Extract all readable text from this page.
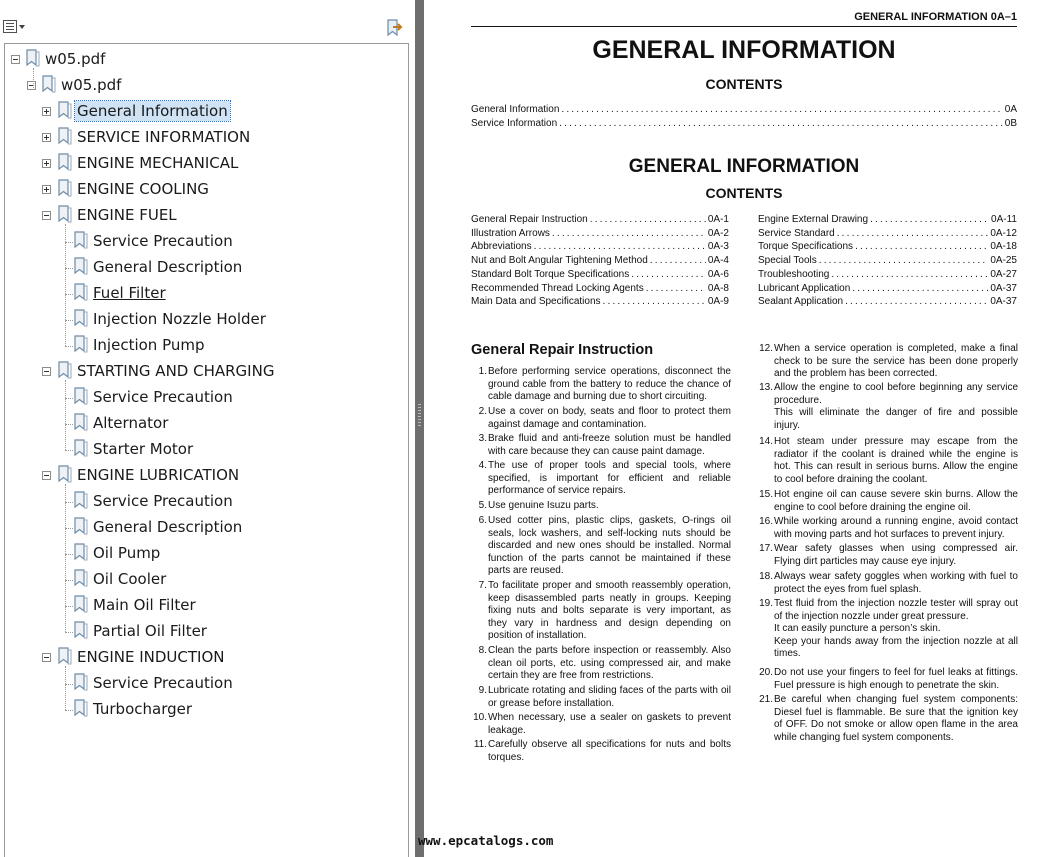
w05.pdf
w05.pdf
General Information
SERVICE INFORMATION
ENGINE MECHANICAL
ENGINE COOLING
ENGINE FUEL
Service Precaution
General Description
Fuel Filter
Injection Nozzle Holder
Injection Pump
STARTING AND CHARGING
Service Precaution
Alternator
Starter Motor
ENGINE LUBRICATION
Service Precaution
General Description
Oil Pump
Oil Cooler
Main Oil Filter
Partial Oil Filter
ENGINE INDUCTION
Service Precaution
Turbocharger
GENERAL INFORMATION 0A–1
GENERAL INFORMATION
CONTENTS
General Information . . .	0A
Service Information . . .	0B
GENERAL INFORMATION
CONTENTS
General Repair Instruction . . .	0A-1
Illustration Arrows . . .	0A-2
Abbreviations . . .	0A-3
Nut and Bolt Angular Tightening Method . . .	0A-4
Standard Bolt Torque Specifications . . .	0A-6
Recommended Thread Locking Agents . . .	0A-8
Main Data and Specifications . . .	0A-9
Engine External Drawing . . .	0A-11
Service Standard . . .	0A-12
Torque Specifications . . .	0A-18
Special Tools . . .	0A-25
Troubleshooting . . .	0A-27
Lubricant Application . . .	0A-37
Sealant Application . . .	0A-37
General Repair Instruction
1. Before performing service operations, disconnect the ground cable from the battery to reduce the chance of cable damage and burning due to short circuiting.

2. Use a cover on body, seats and floor to protect them against damage and contamination.

3. Brake fluid and anti-freeze solution must be handled with care because they can cause paint damage.

4. The use of proper tools and special tools, where specified, is important for efficient and reliable performance of service repairs.

5. Use genuine Isuzu parts.

6. Used cotter pins, plastic clips, gaskets, O-rings oil seals, lock washers, and self-locking nuts should be discarded and new ones should be installed. Normal function of the parts cannot be maintained if these parts are reused.

7. To facilitate proper and smooth reassembly operation, keep disassembled parts neatly in groups. Keeping fixing nuts and bolts separate is very important, as they vary in hardness and design depending on position of installation.

8. Clean the parts before inspection or reassembly. Also clean oil ports, etc. using compressed air, and make certain they are free from restrictions.

9. Lubricate rotating and sliding faces of the parts with oil or grease before installation.

10. When necessary, use a sealer on gaskets to prevent leakage.

11. Carefully observe all specifications for nuts and bolts torques.

12. When a service operation is completed, make a final check to be sure the service has been done properly and the problem has been corrected.

13. Allow the engine to cool before beginning any service procedure.

This will eliminate the danger of fire and possible injury.

14. Hot steam under pressure may escape from the radiator if the coolant is drained while the engine is hot. This can result in serious burns. Allow the engine to cool before draining the coolant.

15. Hot engine oil can cause severe skin burns. Allow the engine to cool before draining the engine oil.

16. While working around a running engine, avoid contact with moving parts and hot surfaces to prevent injury.

17. Wear safety glasses when using compressed air. Flying dirt particles may cause eye injury.

18. Always wear safety goggles when working with fuel to protect the eyes from fuel splash.

19. Test fluid from the injection nozzle tester will spray out of the injection nozzle under great pressure.

It can easily puncture a person’s skin.

Keep your hands away from the injection nozzle at all times.

20. Do not use your fingers to feel for fuel leaks at fittings. Fuel pressure is high enough to penetrate the skin.

21. Be careful when changing fuel system components: Diesel fuel is flammable. Be sure that the ignition key of OFF. Do not smoke or allow open flame in the area while changing fuel system components.

www.epcatalogs.com
